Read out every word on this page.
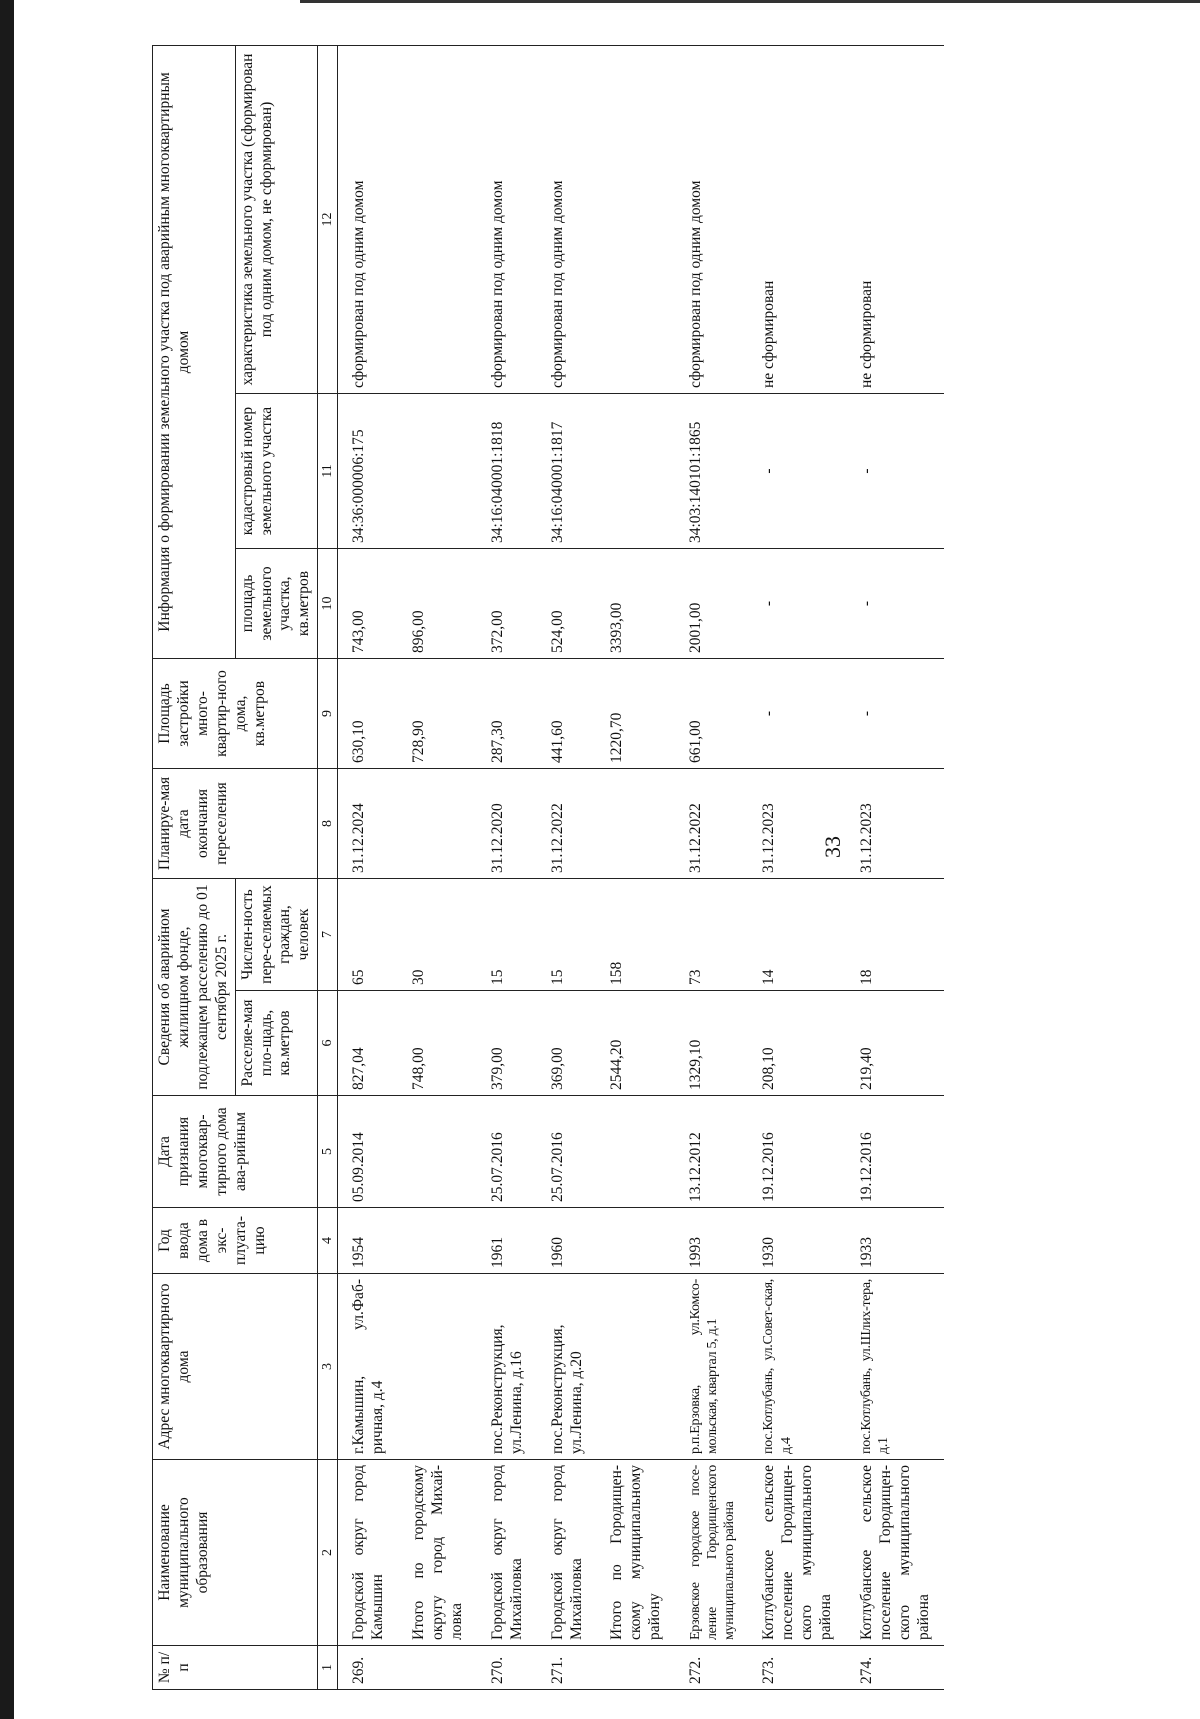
33
№ п/п	Наименование муниципального образования	Адрес многоквартирного дома	Год ввода дома в экс-плуата-цию	Дата признания многоквар-тирного дома ава-рийным	Сведения об аварийном жилищном фонде, подлежащем расселению до 01 сентября 2025 г.		Планируе-мая дата окончания переселения	Площадь застройки много-квартир-ного дома, кв.метров	Информация о формировании земельного участка под аварийным многоквартирным домом		
					Расселяе-мая пло-щадь, кв.метров	Числен-ность пере-селяемых граждан, человек			площадь земельного участка, кв.метров	кадастровый номер земельного участка	характеристика земельного участка (сформирован под одним домом, не сформирован)
1	2	3	4	5	6	7	8	9	10	11	12
269.	Городской округ город Камышин	г.Камышин, ул.Фаб-ричная, д.4	1954	05.09.2014	827,04	65	31.12.2024	630,10	743,00	34:36:000006:175	сформирован под одним домом
	Итого по городскому округу город Михай-ловка				748,00	30		728,90	896,00		
270.	Городской округ город Михайловка	пос.Реконструкция, ул.Ленина, д.16	1961	25.07.2016	379,00	15	31.12.2020	287,30	372,00	34:16:040001:1818	сформирован под одним домом
271.	Городской округ город Михайловка	пос.Реконструкция, ул.Ленина, д.20	1960	25.07.2016	369,00	15	31.12.2022	441,60	524,00	34:16:040001:1817	сформирован под одним домом
	Итого по Городищен-скому муниципальному району				2544,20	158		1220,70	3393,00		
272.	Ерзовское городское посе-ление Городищенского муниципального района	р.п.Ерзовка, ул.Комсо-мольская, квартал 5, д.1	1993	13.12.2012	1329,10	73	31.12.2022	661,00	2001,00	34:03:140101:1865	сформирован под одним домом
273.	Котлубанское сельское поселение Городищен-ского муниципального района	пос.Котлубань, ул.Совет-ская, д.4	1930	19.12.2016	208,10	14	31.12.2023	-	-	-	не сформирован
274.	Котлубанское сельское поселение Городищен-ского муниципального района	пос.Котлубань, ул.Шлих-тера, д.1	1933	19.12.2016	219,40	18	31.12.2023	-	-	-	не сформирован
